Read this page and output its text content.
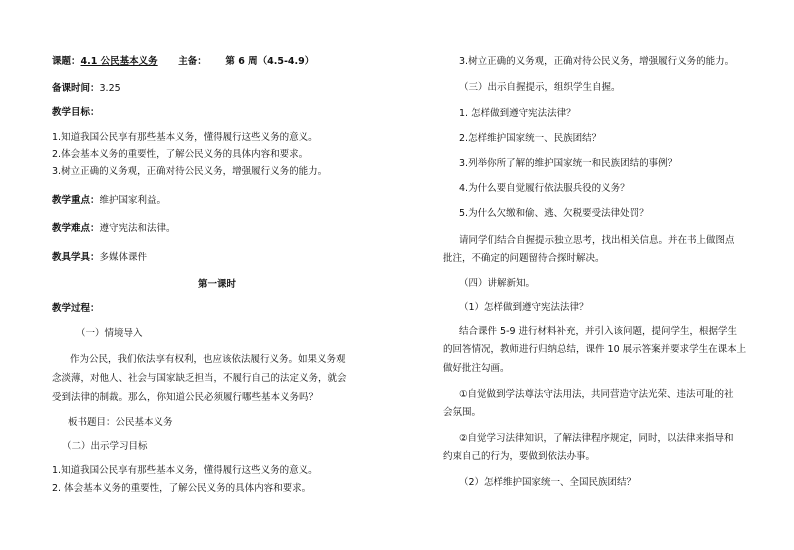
课题：4.1 公民基本义务 主备： 第 6 周（4.5-4.9）
备课时间：3.25
教学目标：
1.知道我国公民享有那些基本义务，懂得履行这些义务的意义。
2.体会基本义务的重要性，了解公民义务的具体内容和要求。
3.树立正确的义务观，正确对待公民义务，增强履行义务的能力。
教学重点：维护国家利益。
教学难点：遵守宪法和法律。
教具学具：多媒体课件
第一课时
教学过程：
（一）情境导入
作为公民，我们依法享有权利，也应该依法履行义务。如果义务观
念淡薄，对他人、社会与国家缺乏担当，不履行自己的法定义务，就会
受到法律的制裁。那么，你知道公民必须履行哪些基本义务吗？
板书题目：公民基本义务
（二）出示学习目标
1.知道我国公民享有那些基本义务，懂得履行这些义务的意义。
2. 体会基本义务的重要性，了解公民义务的具体内容和要求。
3.树立正确的义务观，正确对待公民义务，增强履行义务的能力。
（三）出示自握提示，组织学生自握。
1. 怎样做到遵守宪法法律？
2.怎样维护国家统一、民族团结？
3.列举你所了解的维护国家统一和民族团结的事例？
4.为什么要自觉履行依法服兵役的义务？
5.为什么欠缴和偷、逃、欠税要受法律处罚？
请同学们结合自握提示独立思考，找出相关信息。并在书上做图点
批注，不确定的问题留待合探时解决。
（四）讲解新知。
（1）怎样做到遵守宪法法律？
结合课件 5-9 进行材料补充，并引入该问题，提问学生，根据学生
的回答情况，教师进行归纳总结，课件 10 展示答案并要求学生在课本上
做好批注勾画。
①自觉做到学法尊法守法用法，共同营造守法光荣、违法可耻的社
会氛围。
②自觉学习法律知识，了解法律程序规定，同时，以法律来指导和
约束自己的行为，要做到依法办事。
（2）怎样维护国家统一、全国民族团结？
